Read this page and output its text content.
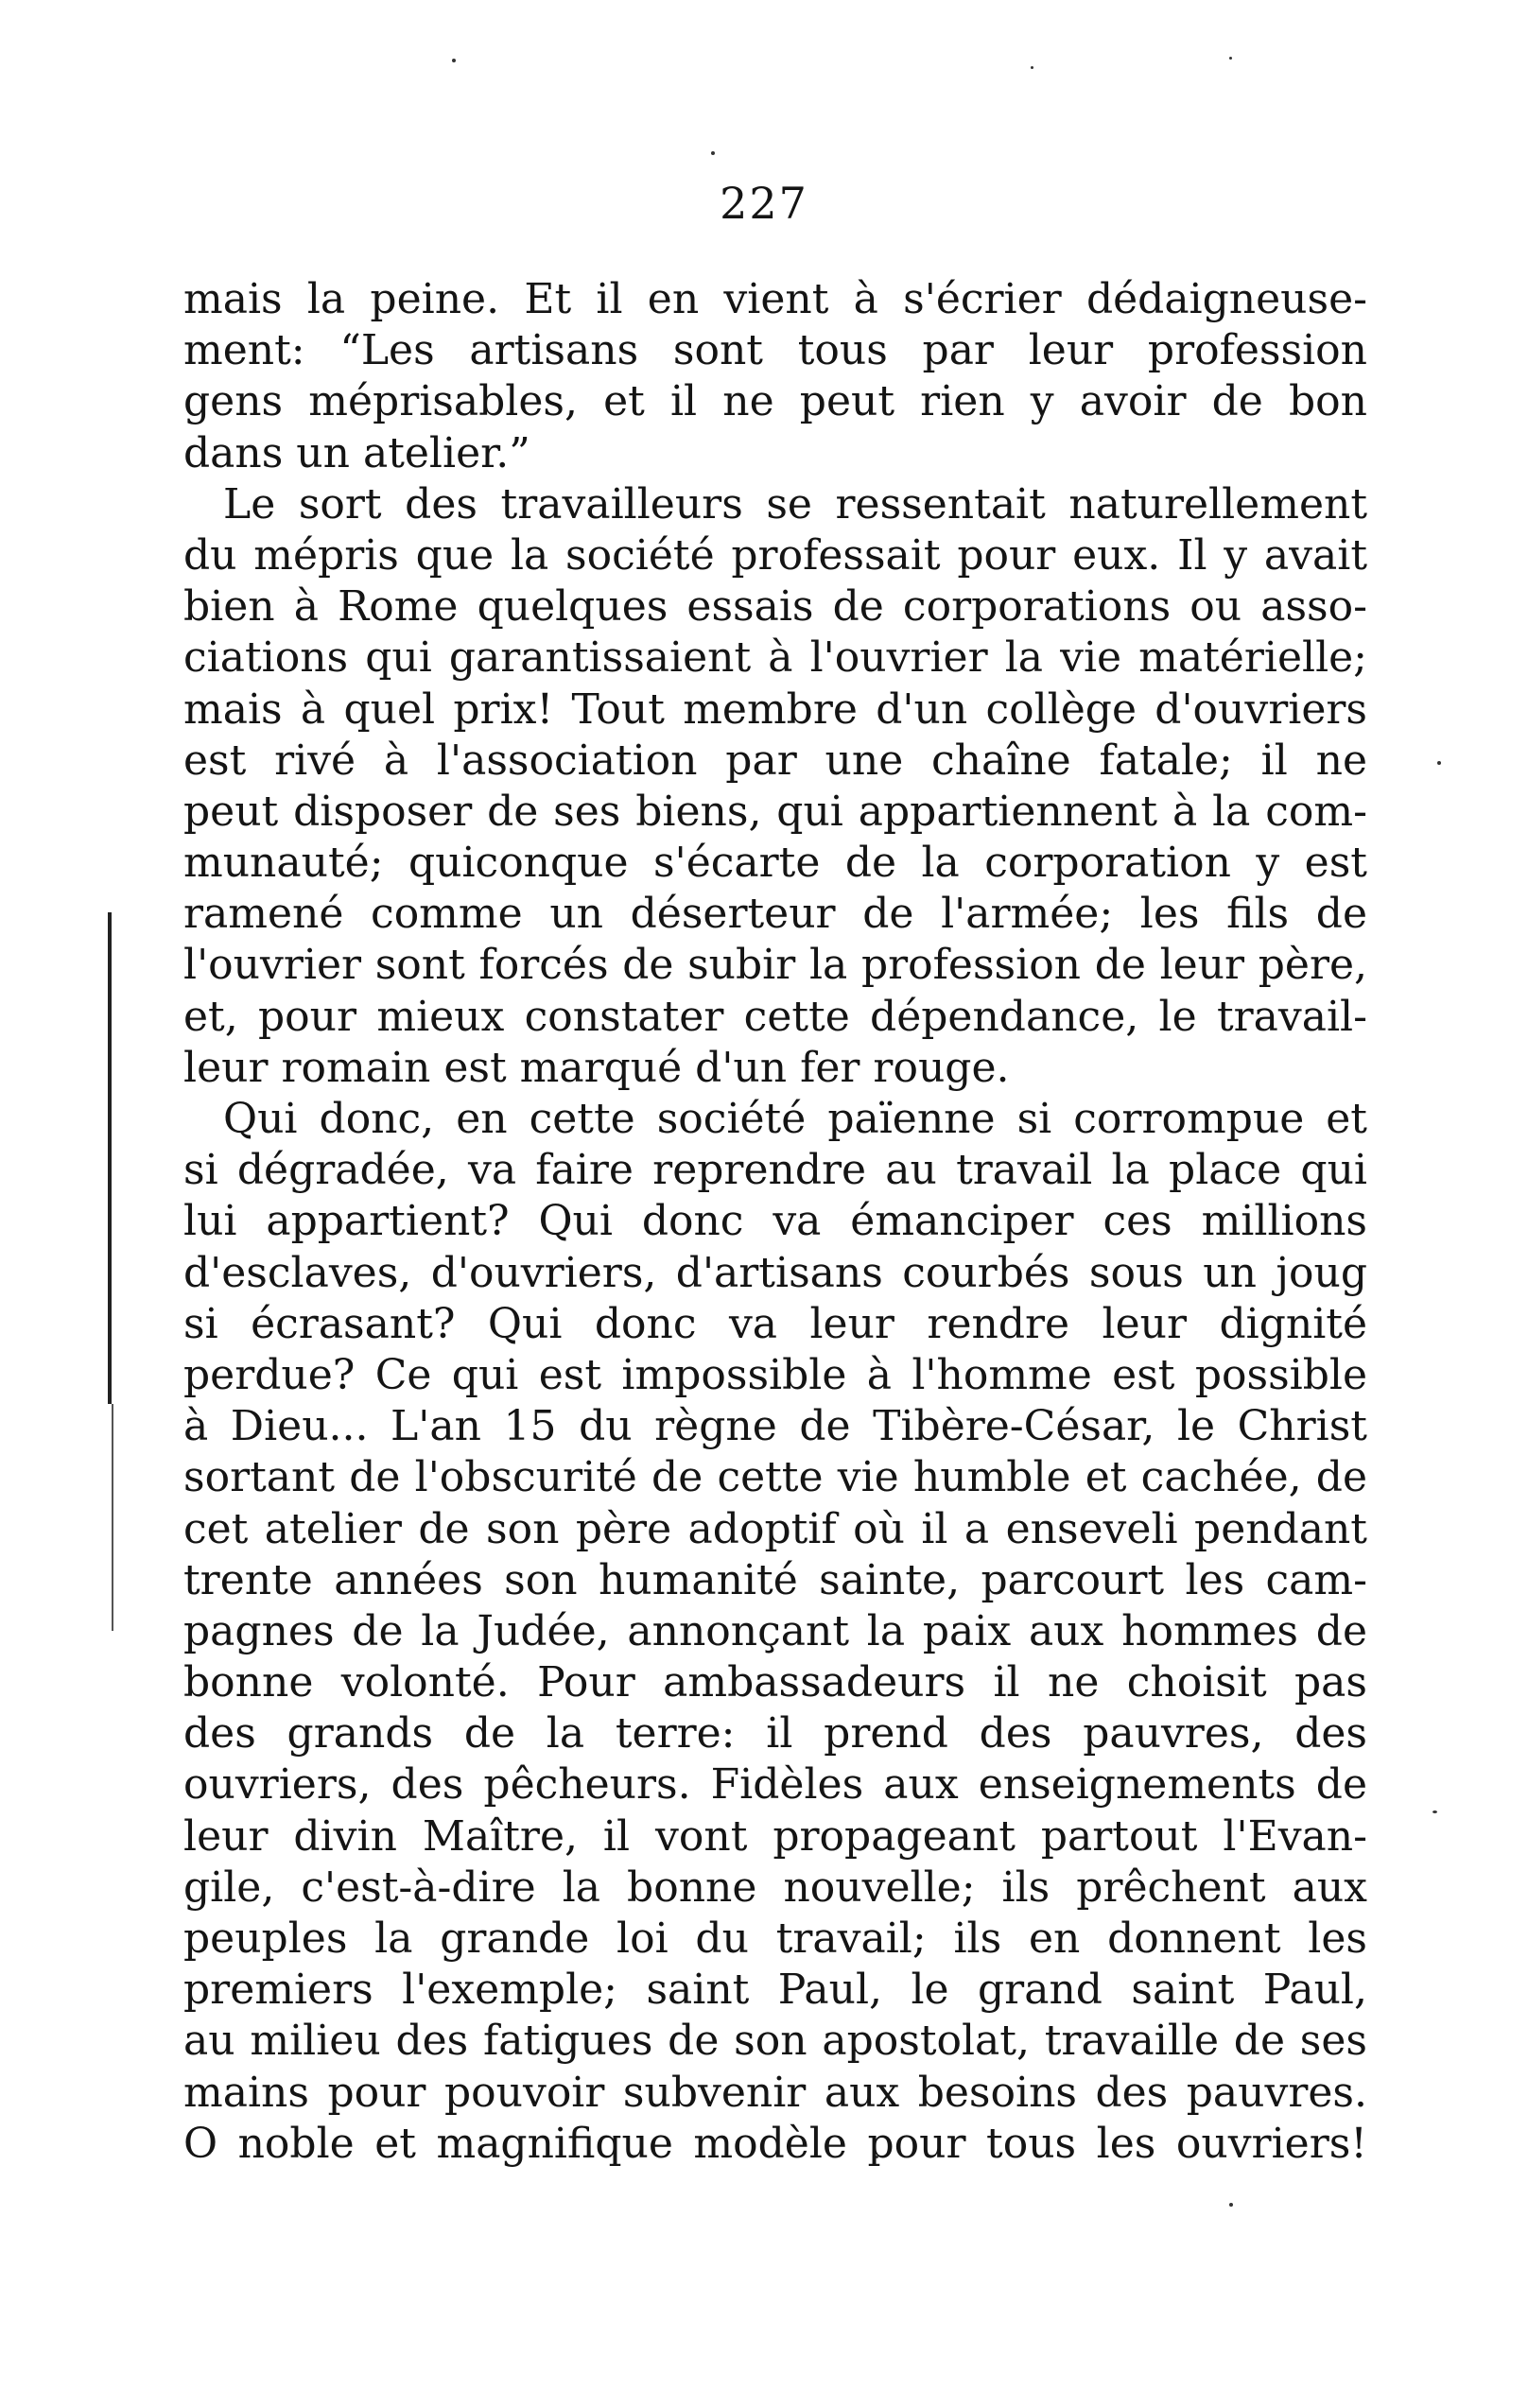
227
mais la peine. Et il en vient à s'écrier dédaigneuse-
ment: “Les artisans sont tous par leur profession
gens méprisables, et il ne peut rien y avoir de bon
dans un atelier.”
Le sort des travailleurs se ressentait naturellement
du mépris que la société professait pour eux. Il y avait
bien à Rome quelques essais de corporations ou asso-
ciations qui garantissaient à l'ouvrier la vie matérielle;
mais à quel prix! Tout membre d'un collège d'ouvriers
est rivé à l'association par une chaîne fatale; il ne
peut disposer de ses biens, qui appartiennent à la com-
munauté; quiconque s'écarte de la corporation y est
ramené comme un déserteur de l'armée; les fils de
l'ouvrier sont forcés de subir la profession de leur père,
et, pour mieux constater cette dépendance, le travail-
leur romain est marqué d'un fer rouge.
Qui donc, en cette société païenne si corrompue et
si dégradée, va faire reprendre au travail la place qui
lui appartient? Qui donc va émanciper ces millions
d'esclaves, d'ouvriers, d'artisans courbés sous un joug
si écrasant? Qui donc va leur rendre leur dignité
perdue? Ce qui est impossible à l'homme est possible
à Dieu... L'an 15 du règne de Tibère-César, le Christ
sortant de l'obscurité de cette vie humble et cachée, de
cet atelier de son père adoptif où il a enseveli pendant
trente années son humanité sainte, parcourt les cam-
pagnes de la Judée, annonçant la paix aux hommes de
bonne volonté. Pour ambassadeurs il ne choisit pas
des grands de la terre: il prend des pauvres, des
ouvriers, des pêcheurs. Fidèles aux enseignements de
leur divin Maître, il vont propageant partout l'Evan-
gile, c'est-à-dire la bonne nouvelle; ils prêchent aux
peuples la grande loi du travail; ils en donnent les
premiers l'exemple; saint Paul, le grand saint Paul,
au milieu des fatigues de son apostolat, travaille de ses
mains pour pouvoir subvenir aux besoins des pauvres.
O noble et magnifique modèle pour tous les ouvriers!
